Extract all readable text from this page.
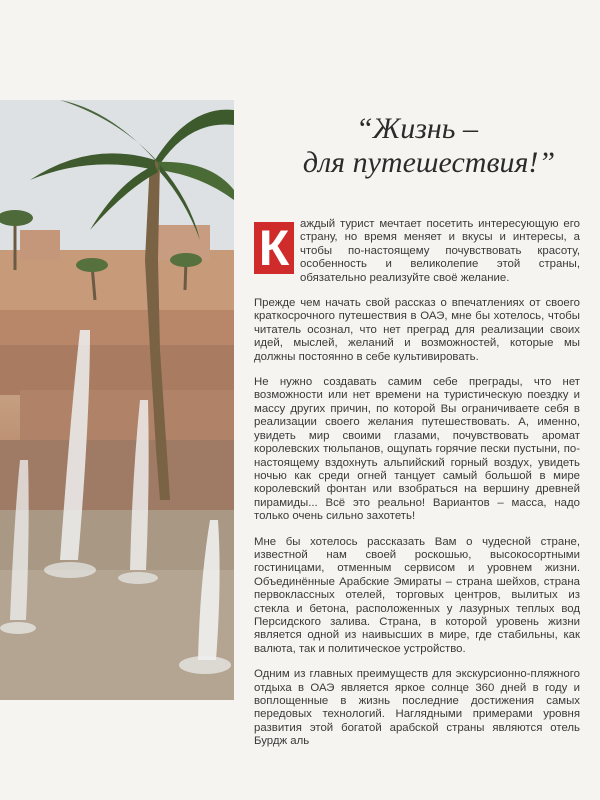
“Жизнь –
для путешествия!”

К аждый турист мечтает посетить интересующую его страну, но время меняет и вкусы и интересы, а чтобы по-настоящему почувствовать красоту, особенность и великолепие этой страны, обязательно реализуйте своё желание.

Прежде чем начать свой рассказ о впечатлениях от своего краткосрочного путешествия в ОАЭ, мне бы хотелось, чтобы читатель осознал, что нет преград для реализации своих идей, мыслей, желаний и возможностей, которые мы должны постоянно в себе культивировать.

Не нужно создавать самим себе преграды, что нет возможности или нет времени на туристическую поездку и массу других причин, по которой Вы ограничиваете себя в реализации своего желания путешествовать. А, именно, увидеть мир своими глазами, почувствовать аромат королевских тюльпанов, ощупать горячие пески пустыни, по-настоящему вздохнуть альпийский горный воздух, увидеть ночью как среди огней танцует самый большой в мире королевский фонтан или взобраться на вершину древней пирамиды... Всё это реально! Вариантов – масса, надо только очень сильно захотеть!

Мне бы хотелось рассказать Вам о чудесной стране, известной нам своей роскошью, высокосортными гостиницами, отменным сервисом и уровнем жизни. Объединённые Арабские Эмираты – страна шейхов, страна первоклассных отелей, торговых центров, вылитых из стекла и бетона, расположенных у лазурных теплых вод Персидского залива. Страна, в которой уровень жизни является одной из наивысших в мире, где стабильны, как валюта, так и политическое устройство.

Одним из главных преимуществ для экскурсионно-пляжного отдыха в ОАЭ является яркое солнце 360 дней в году и воплощенные в жизнь последние достижения самых передовых технологий. Наглядными примерами уровня развития этой богатой арабской страны являются отель Бурдж аль
